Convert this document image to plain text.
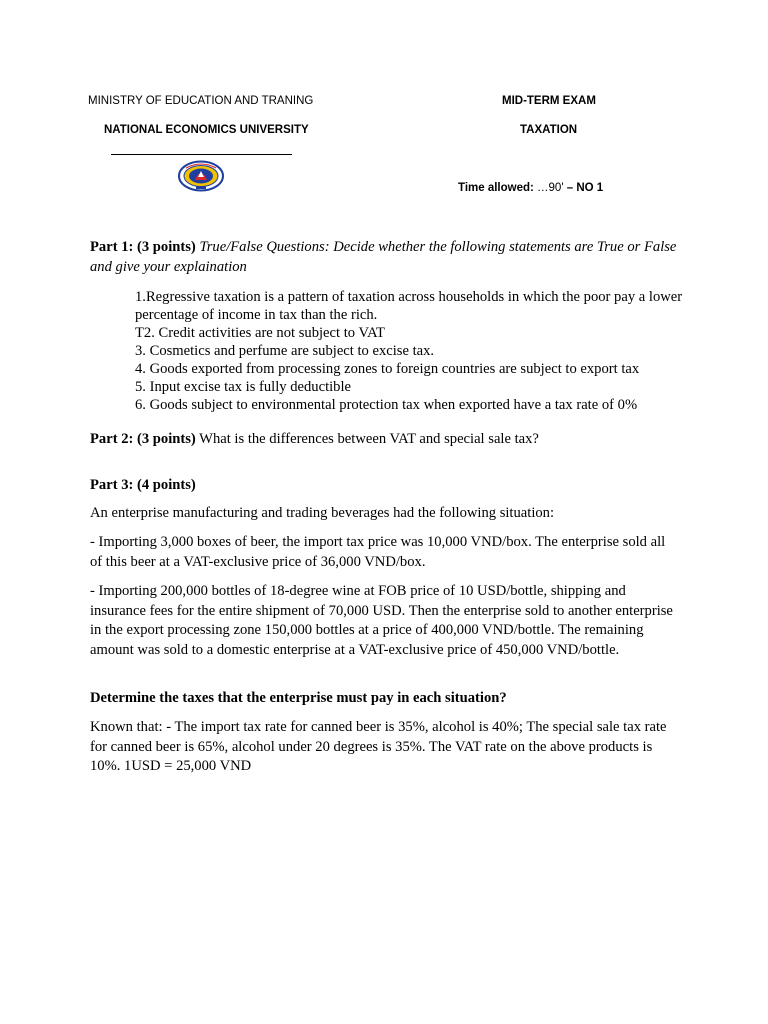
MINISTRY OF EDUCATION AND TRANING
NATIONAL ECONOMICS UNIVERSITY
MID-TERM EXAM
TAXATION
Time allowed: …90' – NO 1
Part 1: (3 points) True/False Questions: Decide whether the following statements are True or False and give your explaination
1.Regressive taxation is a pattern of taxation across households in which the poor pay a lower percentage of income in tax than the rich.
T2. Credit activities are not subject to VAT
3. Cosmetics and perfume are subject to excise tax.
4. Goods exported from processing zones to foreign countries are subject to export tax
5. Input excise tax is fully deductible
6. Goods subject to environmental protection tax when exported have a tax rate of 0%
Part 2: (3 points) What is the differences between VAT and special sale tax?
Part 3: (4 points)
An enterprise manufacturing and trading beverages had the following situation:
- Importing 3,000 boxes of beer, the import tax price was 10,000 VND/box. The enterprise sold all of this beer at a VAT-exclusive price of 36,000 VND/box.
- Importing 200,000 bottles of 18-degree wine at FOB price of 10 USD/bottle, shipping and insurance fees for the entire shipment of 70,000 USD. Then the enterprise sold to another enterprise in the export processing zone 150,000 bottles at a price of 400,000 VND/bottle. The remaining amount was sold to a domestic enterprise at a VAT-exclusive price of 450,000 VND/bottle.
Determine the taxes that the enterprise must pay in each situation?
Known that: - The import tax rate for canned beer is 35%, alcohol is 40%; The special sale tax rate for canned beer is 65%, alcohol under 20 degrees is 35%. The VAT rate on the above products is 10%. 1USD = 25,000 VND
